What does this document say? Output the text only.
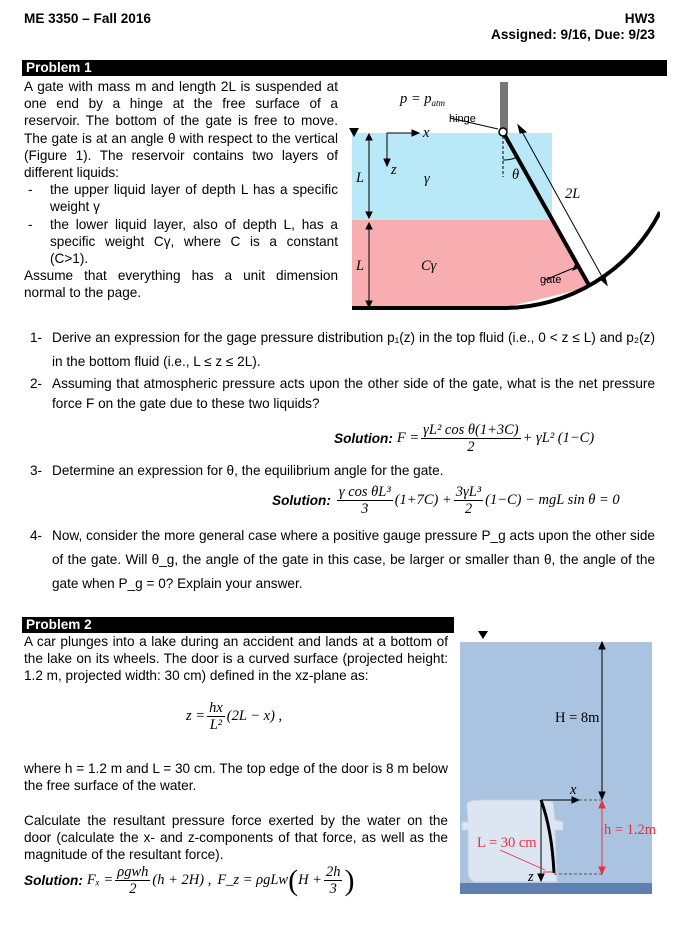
ME 3350 – Fall 2016	HW3
Assigned: 9/16, Due: 9/23
Problem 1
A gate with mass m and length 2L is suspended at one end by a hinge at the free surface of a reservoir. The bottom of the gate is free to move. The gate is at an angle θ with respect to the vertical (Figure 1). The reservoir contains two layers of different liquids:
- the upper liquid layer of depth L has a specific weight γ
- the lower liquid layer, also of depth L, has a specific weight Cγ, where C is a constant (C>1).
Assume that everything has a unit dimension normal to the page.
$p = p_{atm}$
x
z
L
L
γ
Cγ
hinge
θ
2L
gate
1- Derive an expression for the gage pressure distribution p₁(z) in the top fluid (i.e., 0 < z ≤ L) and p₂(z) in the bottom fluid (i.e., L ≤ z ≤ 2L).
2- Assuming that atmospheric pressure acts upon the other side of the gate, what is the net pressure force F on the gate due to these two liquids?
Solution: $F = \frac{\text{γL² cos θ(1+3C)}}{2} + \gamma L^2$ (1−C)
3- Determine an expression for θ, the equilibrium angle for the gate.
Solution: $\frac{\text{γ cos θL³}}{3} (1+7C) + \frac{\text{3γL³}}{2} (1-C)$ − mgL sin θ = 0
4- Now, consider the more general case where a positive gauge pressure P_g acts upon the other side of the gate. Will θ_g, the angle of the gate in this case, be larger or smaller than θ, the angle of the gate when P_g = 0? Explain your answer.
Problem 2
A car plunges into a lake during an accident and lands at a bottom of the lake on its wheels. The door is a curved surface (projected height: 1.2 m, projected width: 30 cm) defined in the xz-plane as:
$z = \frac{hx}{\text{L²}} (2L - x)$ ,
where h = 1.2 m and L = 30 cm. The top edge of the door is 8 m below the free surface of the water.
Calculate the resultant pressure force exerted by the water on the door (calculate the x- and z-components of that force, as well as the magnitude of the resultant force).
Solution: $F_x = \frac{\text{ρgwh}}{2} (h + 2H)$ , F_z = ρgLw ( $H + \frac{2h}{3}$ )
H = 8m
x
z
h = 1.2m
L = 30 cm
